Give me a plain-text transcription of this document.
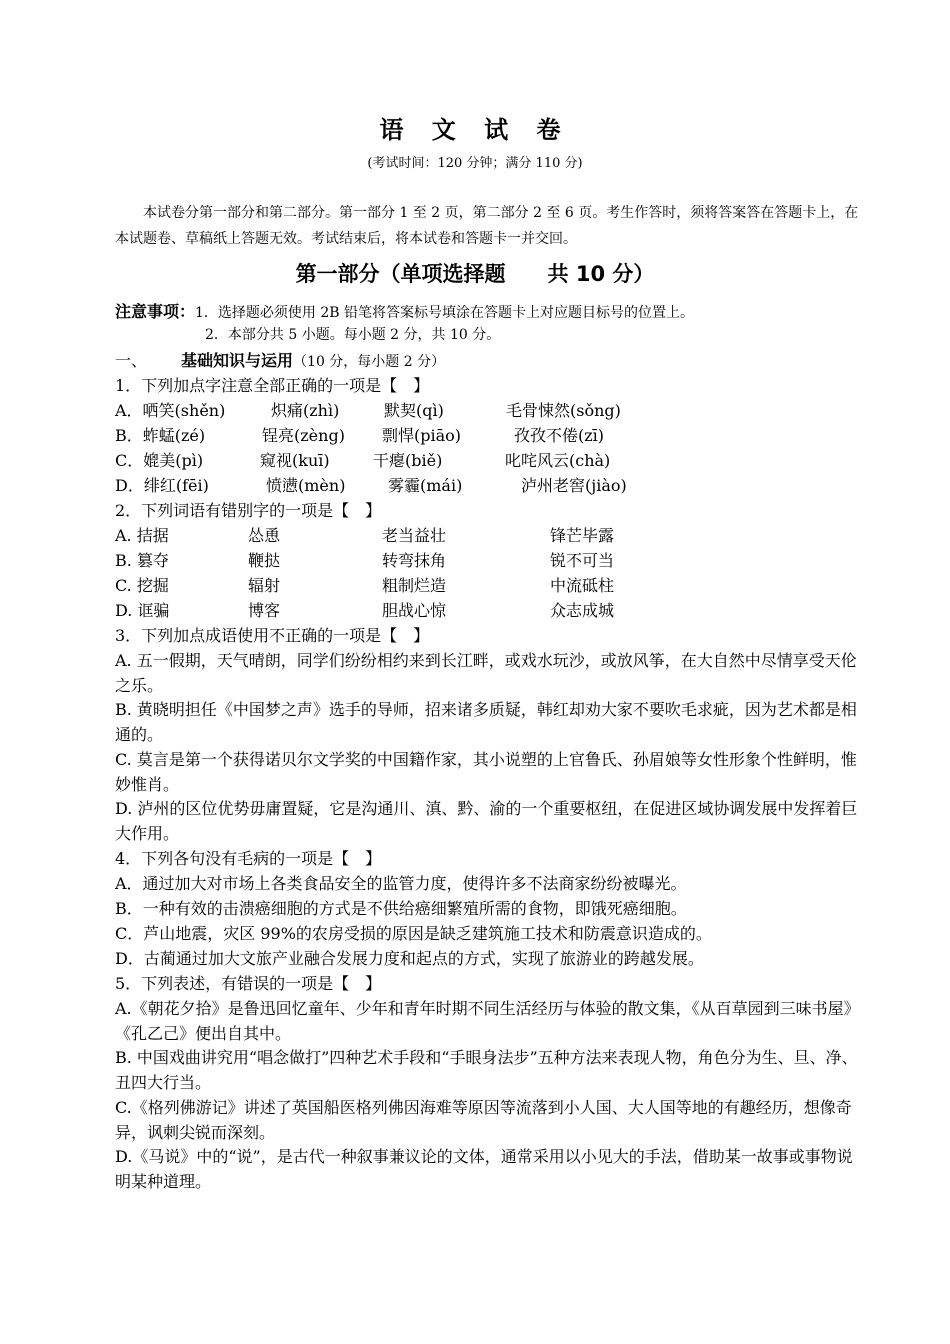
语 文 试 卷
(考试时间：120 分钟；满分 110 分)
本试卷分第一部分和第二部分。第一部分 1 至 2 页，第二部分 2 至 6 页。考生作答时，须将答案答在答题卡上，在本试题卷、草稿纸上答题无效。考试结束后，将本试卷和答题卡一并交回。
第一部分（单项选择题　　共 10 分）
注意事项：1．选择题必须使用 2B 铅笔将答案标号填涂在答题卡上对应题目标号的位置上。
2．本部分共 5 小题。每小题 2 分，共 10 分。
一、 基础知识与运用（10 分，每小题 2 分）
1．下列加点字注意全部正确的一项是【　】
A．哂笑(shěn)	炽痛(zhì)	默契(qì)	毛骨悚然(sǒng)
B．蚱蜢(zé)	锃亮(zèng) 剽悍(piāo)	孜孜不倦(zī)
C．媲美(pì)	窥视(kuī)	干瘪(biě)	叱咤风云(chà)
D．绯红(fēi)	愤懑(mèn)	雾霾(mái)	泸州老窖(jiào)
2．下列词语有错别字的一项是【　】
A. 拮据	怂恿	老当益壮	锋芒毕露
B. 篡夺	鞭挞	转弯抹角	锐不可当
C. 挖掘	辐射	粗制烂造	中流砥柱
D. 诓骗	博客	胆战心惊	众志成城
3．下列加点成语使用不正确的一项是【　】
A. 五一假期，天气晴朗，同学们纷纷相约来到长江畔，或戏水玩沙，或放风筝，在大自然中尽情享受天伦之乐。
B. 黄晓明担任《中国梦之声》选手的导师，招来诸多质疑，韩红却劝大家不要吹毛求疵，因为艺术都是相通的。
C. 莫言是第一个获得诺贝尔文学奖的中国籍作家，其小说塑的上官鲁氏、孙眉娘等女性形象个性鲜明，惟妙惟肖。
D. 泸州的区位优势毋庸置疑，它是沟通川、滇、黔、渝的一个重要枢纽，在促进区域协调发展中发挥着巨大作用。
4．下列各句没有毛病的一项是【　】
A．通过加大对市场上各类食品安全的监管力度，使得许多不法商家纷纷被曝光。
B．一种有效的击溃癌细胞的方式是不供给癌细繁殖所需的食物，即饿死癌细胞。
C．芦山地震，灾区 99%的农房受损的原因是缺乏建筑施工技术和防震意识造成的。
D．古蔺通过加大文旅产业融合发展力度和起点的方式，实现了旅游业的跨越发展。
5．下列表述，有错误的一项是【　】
A.《朝花夕拾》是鲁迅回忆童年、少年和青年时期不同生活经历与体验的散文集，《从百草园到三味书屋》《孔乙己》便出自其中。
B. 中国戏曲讲究用“唱念做打”四种艺术手段和“手眼身法步”五种方法来表现人物，角色分为生、旦、净、丑四大行当。
C.《格列佛游记》讲述了英国船医格列佛因海难等原因等流落到小人国、大人国等地的有趣经历，想像奇异，讽刺尖锐而深刻。
D.《马说》中的“说”，是古代一种叙事兼议论的文体，通常采用以小见大的手法，借助某一故事或事物说明某种道理。
